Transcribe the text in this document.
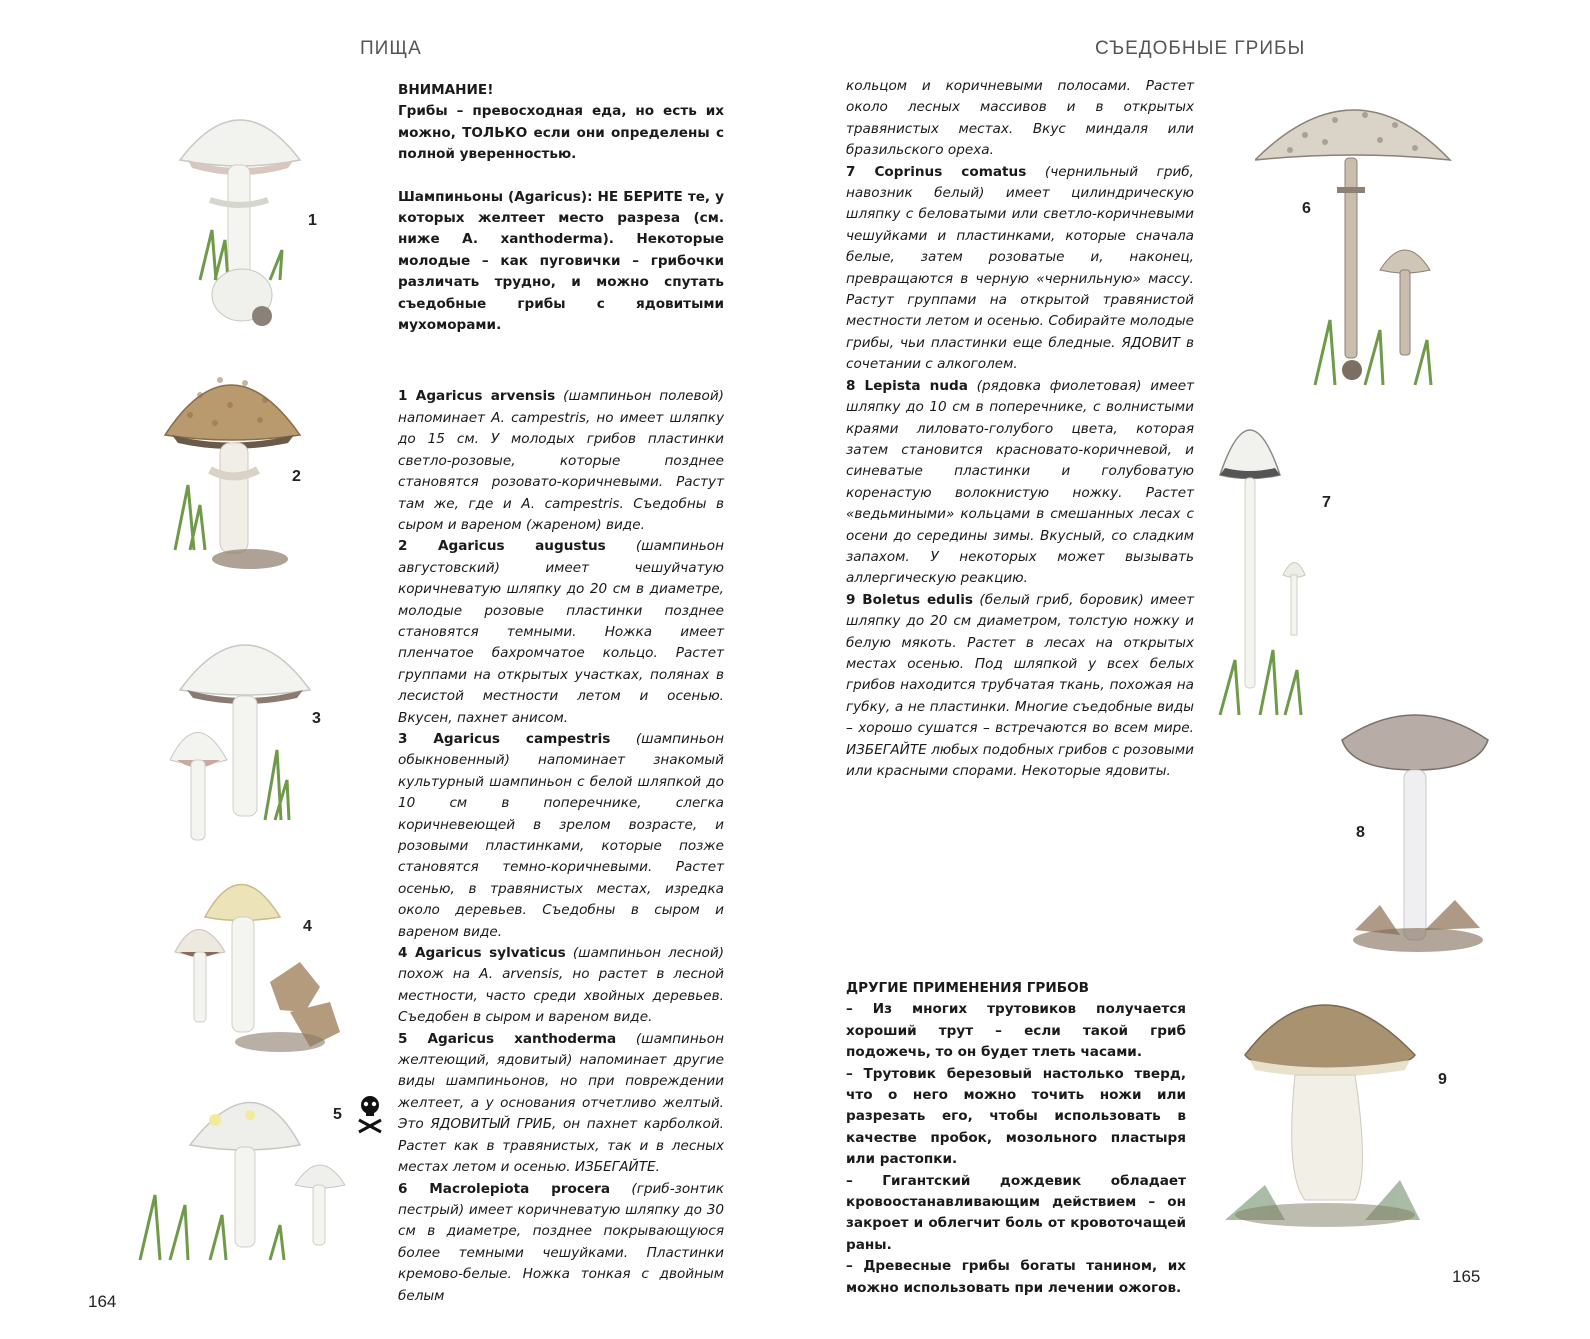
ПИЩА	СЪЕДОБНЫЕ ГРИБЫ
164
165

ВНИМАНИЕ!

Грибы – превосходная еда, но есть их можно, ТОЛЬКО если они определены с полной уверенностью.

Шампиньоны (Agaricus): НЕ БЕРИТЕ те, у которых желтеет место разреза (см. ниже A. xanthoderma). Некоторые молодые – как пуговички – грибочки различать трудно, и можно спутать съедобные грибы с ядовитыми мухоморами.

1 Agaricus arvensis (шампиньон полевой) напоминает A. campestris, но имеет шляпку до 15 см. У молодых грибов пластинки светло-розовые, которые позднее становятся розовато-коричневыми. Растут там же, где и A. campestris. Съедобны в сыром и вареном (жареном) виде.

2 Agaricus augustus (шампиньон августовский) имеет чешуйчатую коричневатую шляпку до 20 см в диаметре, молодые розовые пластинки позднее становятся темными. Ножка имеет пленчатое бахромчатое кольцо. Растет группами на открытых участках, полянах в лесистой местности летом и осенью. Вкусен, пахнет анисом.

3 Agaricus campestris (шампиньон обыкновенный) напоминает знакомый культурный шампиньон с белой шляпкой до 10 см в поперечнике, слегка коричневеющей в зрелом возрасте, и розовыми пластинками, которые позже становятся темно-коричневыми. Растет осенью, в травянистых местах, изредка около деревьев. Съедобны в сыром и вареном виде.

4 Agaricus sylvaticus (шампиньон лесной) похож на A. arvensis, но растет в лесной местности, часто среди хвойных деревьев. Съедобен в сыром и вареном виде.

5 Agaricus xanthoderma (шампиньон желтеющий, ядовитый) напоминает другие виды шампиньонов, но при повреждении желтеет, а у основания отчетливо желтый. Это ЯДОВИТЫЙ ГРИБ, он пахнет карболкой. Растет как в травянистых, так и в лесных местах летом и осенью. ИЗБЕГАЙТЕ.

6 Macrolepiota procera (гриб-зонтик пестрый) имеет коричневатую шляпку до 30 см в диаметре, позднее покрывающуюся более темными чешуйками. Пластинки кремово-белые. Ножка тонкая с двойным белым

кольцом и коричневыми полосами. Растет около лесных массивов и в открытых травянистых местах. Вкус миндаля или бразильского ореха.

7 Coprinus comatus (чернильный гриб, навозник белый) имеет цилиндрическую шляпку с беловатыми или светло-коричневыми чешуйками и пластинками, которые сначала белые, затем розоватые и, наконец, превращаются в черную «чернильную» массу. Растут группами на открытой травянистой местности летом и осенью. Собирайте молодые грибы, чьи пластинки еще бледные. ЯДОВИТ в сочетании с алкоголем.

8 Lepista nuda (рядовка фиолетовая) имеет шляпку до 10 см в поперечнике, с волнистыми краями лиловато-голубого цвета, которая затем становится красновато-коричневой, и синеватые пластинки и голубоватую коренастую волокнистую ножку. Растет «ведьмиными» кольцами в смешанных лесах с осени до середины зимы. Вкусный, со сладким запахом. У некоторых может вызывать аллергическую реакцию.

9 Boletus edulis (белый гриб, боровик) имеет шляпку до 20 см диаметром, толстую ножку и белую мякоть. Растет в лесах на открытых местах осенью. Под шляпкой у всех белых грибов находится трубчатая ткань, похожая на губку, а не пластинки. Многие съедобные виды – хорошо сушатся – встречаются во всем мире. ИЗБЕГАЙТЕ любых подобных грибов с розовыми или красными спорами. Некоторые ядовиты.

ДРУГИЕ ПРИМЕНЕНИЯ ГРИБОВ

– Из многих трутовиков получается хороший трут – если такой гриб подожечь, то он будет тлеть часами.

– Трутовик березовый настолько тверд, что о него можно точить ножи или разрезать его, чтобы использовать в качестве пробок, мозольного пластыря или растопки.

– Гигантский дождевик обладает кровоостанавливающим действием – он закроет и облегчит боль от кровоточащей раны.

– Древесные грибы богаты танином, их можно использовать при лечении ожогов.

1
2
3
4
5
6
7
8
9
